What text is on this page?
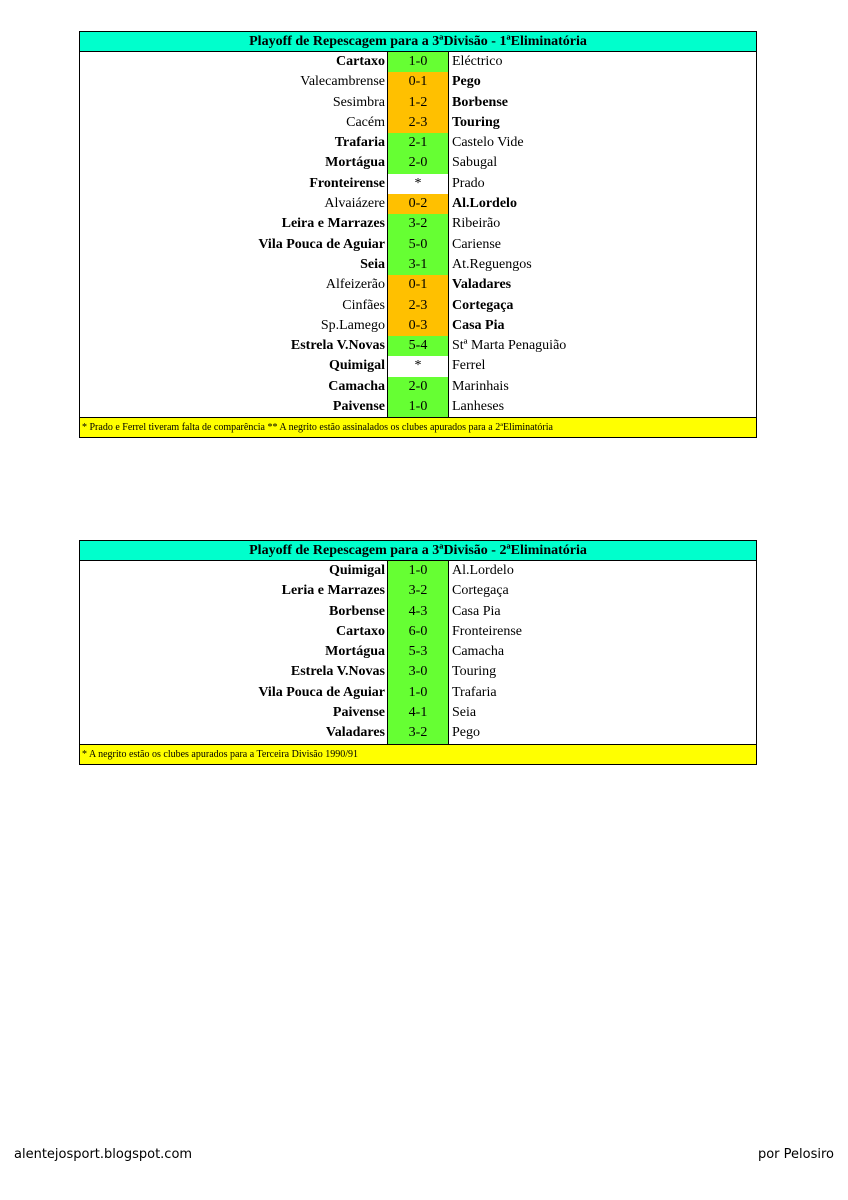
Playoff de Repescagem para a 3ªDivisão - 1ªEliminatória
Cartaxo	1-0	Eléctrico
Valecambrense	0-1	Pego
Sesimbra	1-2	Borbense
Cacém	2-3	Touring
Trafaria	2-1	Castelo Vide
Mortágua	2-0	Sabugal
Fronteirense	*	Prado
Alvaiázere	0-2	Al.Lordelo
Leira e Marrazes	3-2	Ribeirão
Vila Pouca de Aguiar	5-0	Cariense
Seia	3-1	At.Reguengos
Alfeizerão	0-1	Valadares
Cinfães	2-3	Cortegaça
Sp.Lamego	0-3	Casa Pia
Estrela V.Novas	5-4	Stª Marta Penaguião
Quimigal	*	Ferrel
Camacha	2-0	Marinhais
Paivense	1-0	Lanheses
* Prado e Ferrel tiveram falta de comparência ** A negrito estão assinalados os clubes apurados para a 2ªEliminatória
Playoff de Repescagem para a 3ªDivisão - 2ªEliminatória
Quimigal	1-0	Al.Lordelo
Leria e Marrazes	3-2	Cortegaça
Borbense	4-3	Casa Pia
Cartaxo	6-0	Fronteirense
Mortágua	5-3	Camacha
Estrela V.Novas	3-0	Touring
Vila Pouca de Aguiar	1-0	Trafaria
Paivense	4-1	Seia
Valadares	3-2	Pego
* A negrito estão os clubes apurados para a Terceira Divisão 1990/91
alentejosport.blogspot.com	por Pelosiro
